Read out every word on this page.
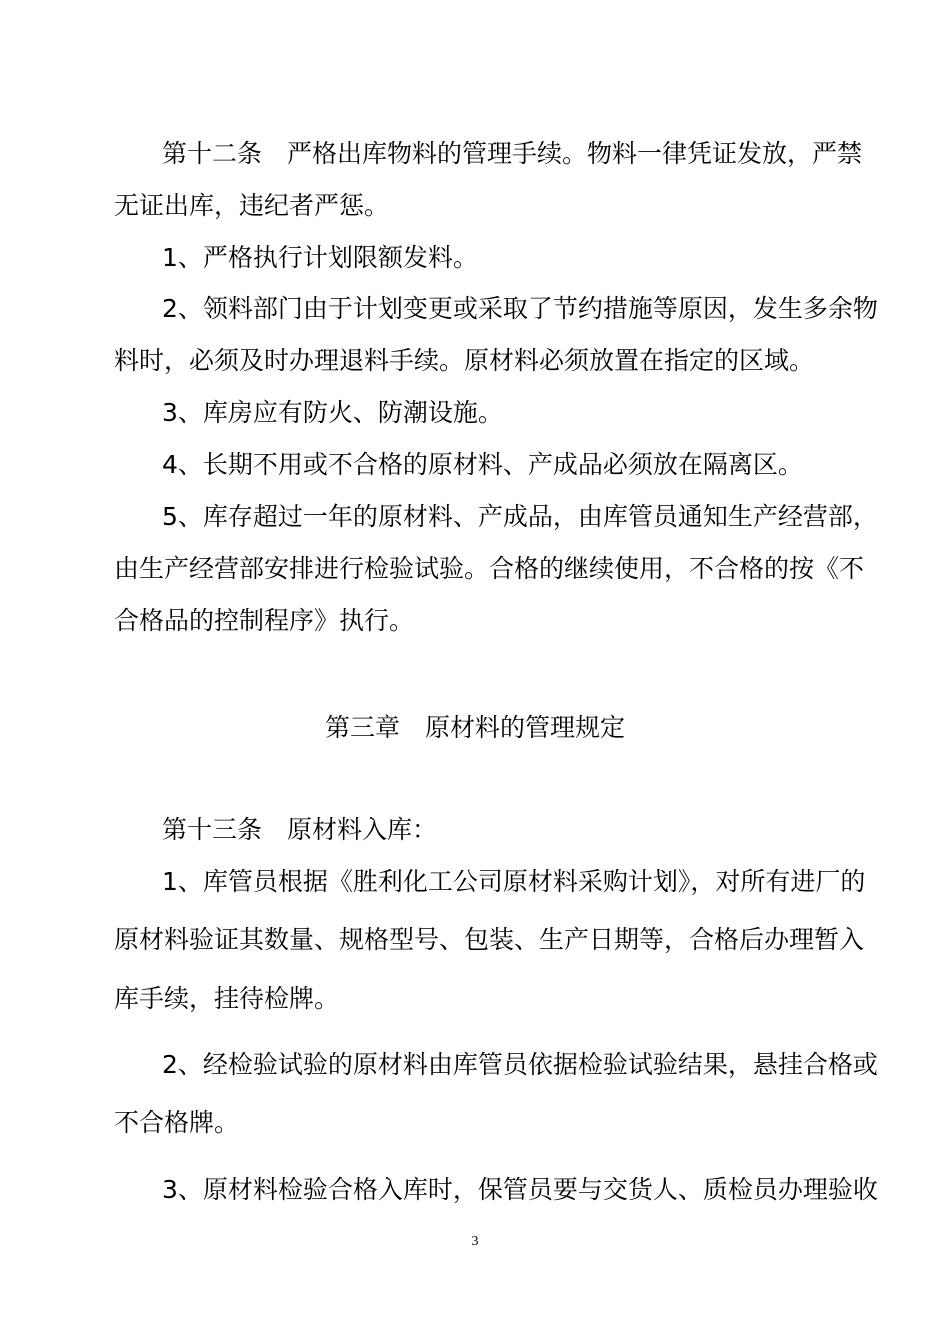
第十二条　严格出库物料的管理手续。物料一律凭证发放，严禁

无证出库，违纪者严惩。

1、严格执行计划限额发料。

2、领料部门由于计划变更或采取了节约措施等原因，发生多余物

料时，必须及时办理退料手续。原材料必须放置在指定的区域。

3、库房应有防火、防潮设施。

4、长期不用或不合格的原材料、产成品必须放在隔离区。

5、库存超过一年的原材料、产成品，由库管员通知生产经营部，

由生产经营部安排进行检验试验。合格的继续使用，不合格的按《不

合格品的控制程序》执行。

第三章　原材料的管理规定

第十三条　原材料入库：

1、库管员根据《胜利化工公司原材料采购计划》，对所有进厂的

原材料验证其数量、规格型号、包装、生产日期等，合格后办理暂入

库手续，挂待检牌。

2、经检验试验的原材料由库管员依据检验试验结果，悬挂合格或

不合格牌。

3、原材料检验合格入库时，保管员要与交货人、质检员办理验收

3
